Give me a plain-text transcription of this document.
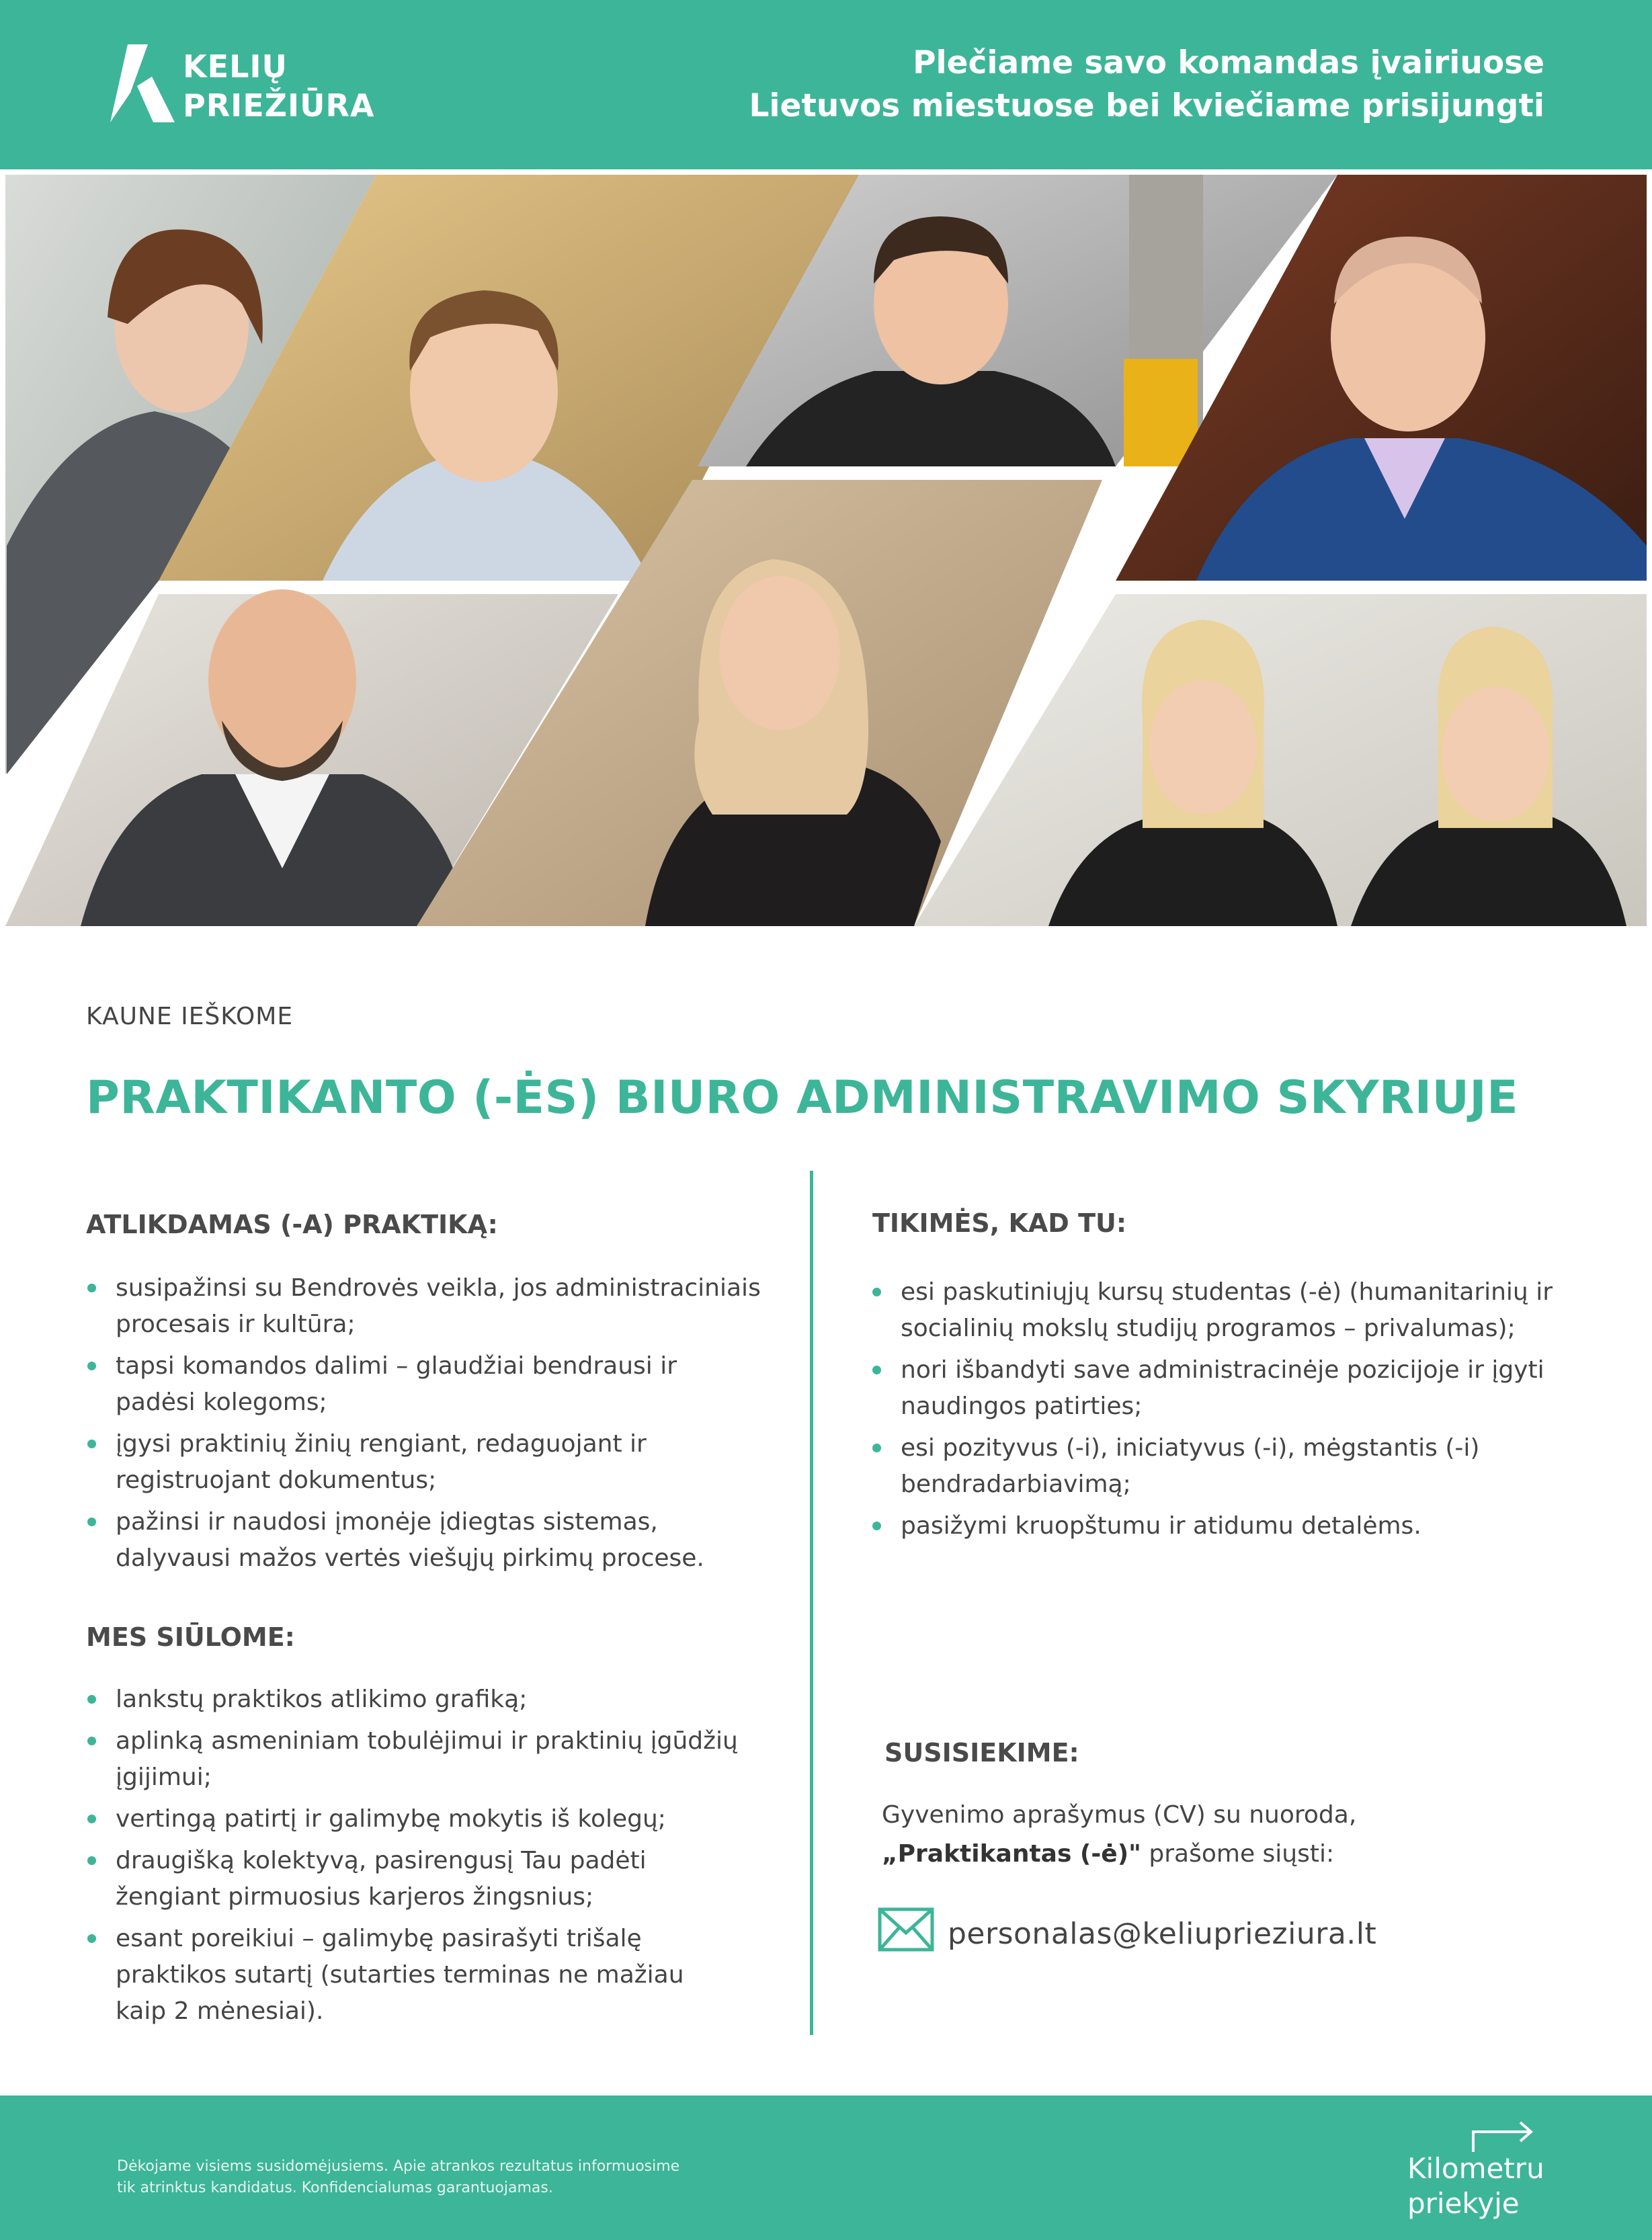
KELIŲ
PRIEŽIŪRA
Plečiame savo komandas įvairiuose
Lietuvos miestuose bei kviečiame prisijungti
KAUNE IEŠKOME
PRAKTIKANTO (-ĖS) BIURO ADMINISTRAVIMO SKYRIUJE
ATLIKDAMAS (-A) PRAKTIKĄ:
susipažinsi su Bendrovės veikla, jos administraciniais
procesais ir kultūra;
tapsi komandos dalimi – glaudžiai bendrausi ir
padėsi kolegoms;
įgysi praktinių žinių rengiant, redaguojant ir
registruojant dokumentus;
pažinsi ir naudosi įmonėje įdiegtas sistemas,
dalyvausi mažos vertės viešųjų pirkimų procese.
MES SIŪLOME:
lankstų praktikos atlikimo grafiką;
aplinką asmeniniam tobulėjimui ir praktinių įgūdžių
įgijimui;
vertingą patirtį ir galimybę mokytis iš kolegų;
draugišką kolektyvą, pasirengusį Tau padėti
žengiant pirmuosius karjeros žingsnius;
esant poreikiui – galimybę pasirašyti trišalę
praktikos sutartį (sutarties terminas ne mažiau
kaip 2 mėnesiai).
TIKIMĖS, KAD TU:
esi paskutiniųjų kursų studentas (-ė) (humanitarinių ir
socialinių mokslų studijų programos – privalumas);
nori išbandyti save administracinėje pozicijoje ir įgyti
naudingos patirties;
esi pozityvus (-i), iniciatyvus (-i), mėgstantis (-i)
bendradarbiavimą;
pasižymi kruopštumu ir atidumu detalėms.
SUSISIEKIME:
Gyvenimo aprašymus (CV) su nuoroda,
„Praktikantas (-ė)" prašome siųsti:
personalas@keliuprieziura.lt
Dėkojame visiems susidomėjusiems. Apie atrankos rezultatus informuosime
tik atrinktus kandidatus. Konfidencialumas garantuojamas.
Kilometru
priekyje
